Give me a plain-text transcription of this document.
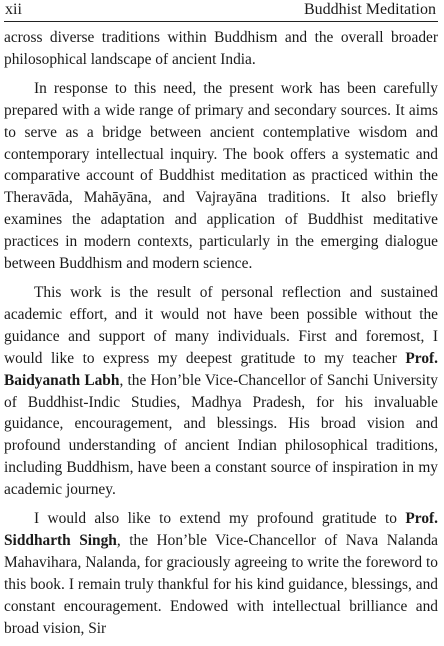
xii	Buddhist Meditation

across diverse traditions within Buddhism and the overall broader philosophical landscape of ancient India.

In response to this need, the present work has been carefully prepared with a wide range of primary and secondary sources. It aims to serve as a bridge between ancient contemplative wisdom and contemporary intellectual inquiry. The book offers a systematic and comparative account of Buddhist meditation as practiced within the Theravāda, Mahāyāna, and Vajrayāna traditions. It also briefly examines the adaptation and application of Buddhist meditative practices in modern contexts, particularly in the emerging dialogue between Buddhism and modern science.

This work is the result of personal reflection and sustained academic effort, and it would not have been possible without the guidance and support of many individuals. First and foremost, I would like to express my deepest gratitude to my teacher Prof. Baidyanath Labh, the Hon’ble Vice-Chancellor of Sanchi University of Buddhist-Indic Studies, Madhya Pradesh, for his invaluable guidance, encouragement, and blessings. His broad vision and profound understanding of ancient Indian philosophical traditions, including Buddhism, have been a constant source of inspiration in my academic journey.

I would also like to extend my profound gratitude to Prof. Siddharth Singh, the Hon’ble Vice-Chancellor of Nava Nalanda Mahavihara, Nalanda, for graciously agreeing to write the foreword to this book. I remain truly thankful for his kind guidance, blessings, and constant encouragement. Endowed with intellectual brilliance and broad vision, Sir
